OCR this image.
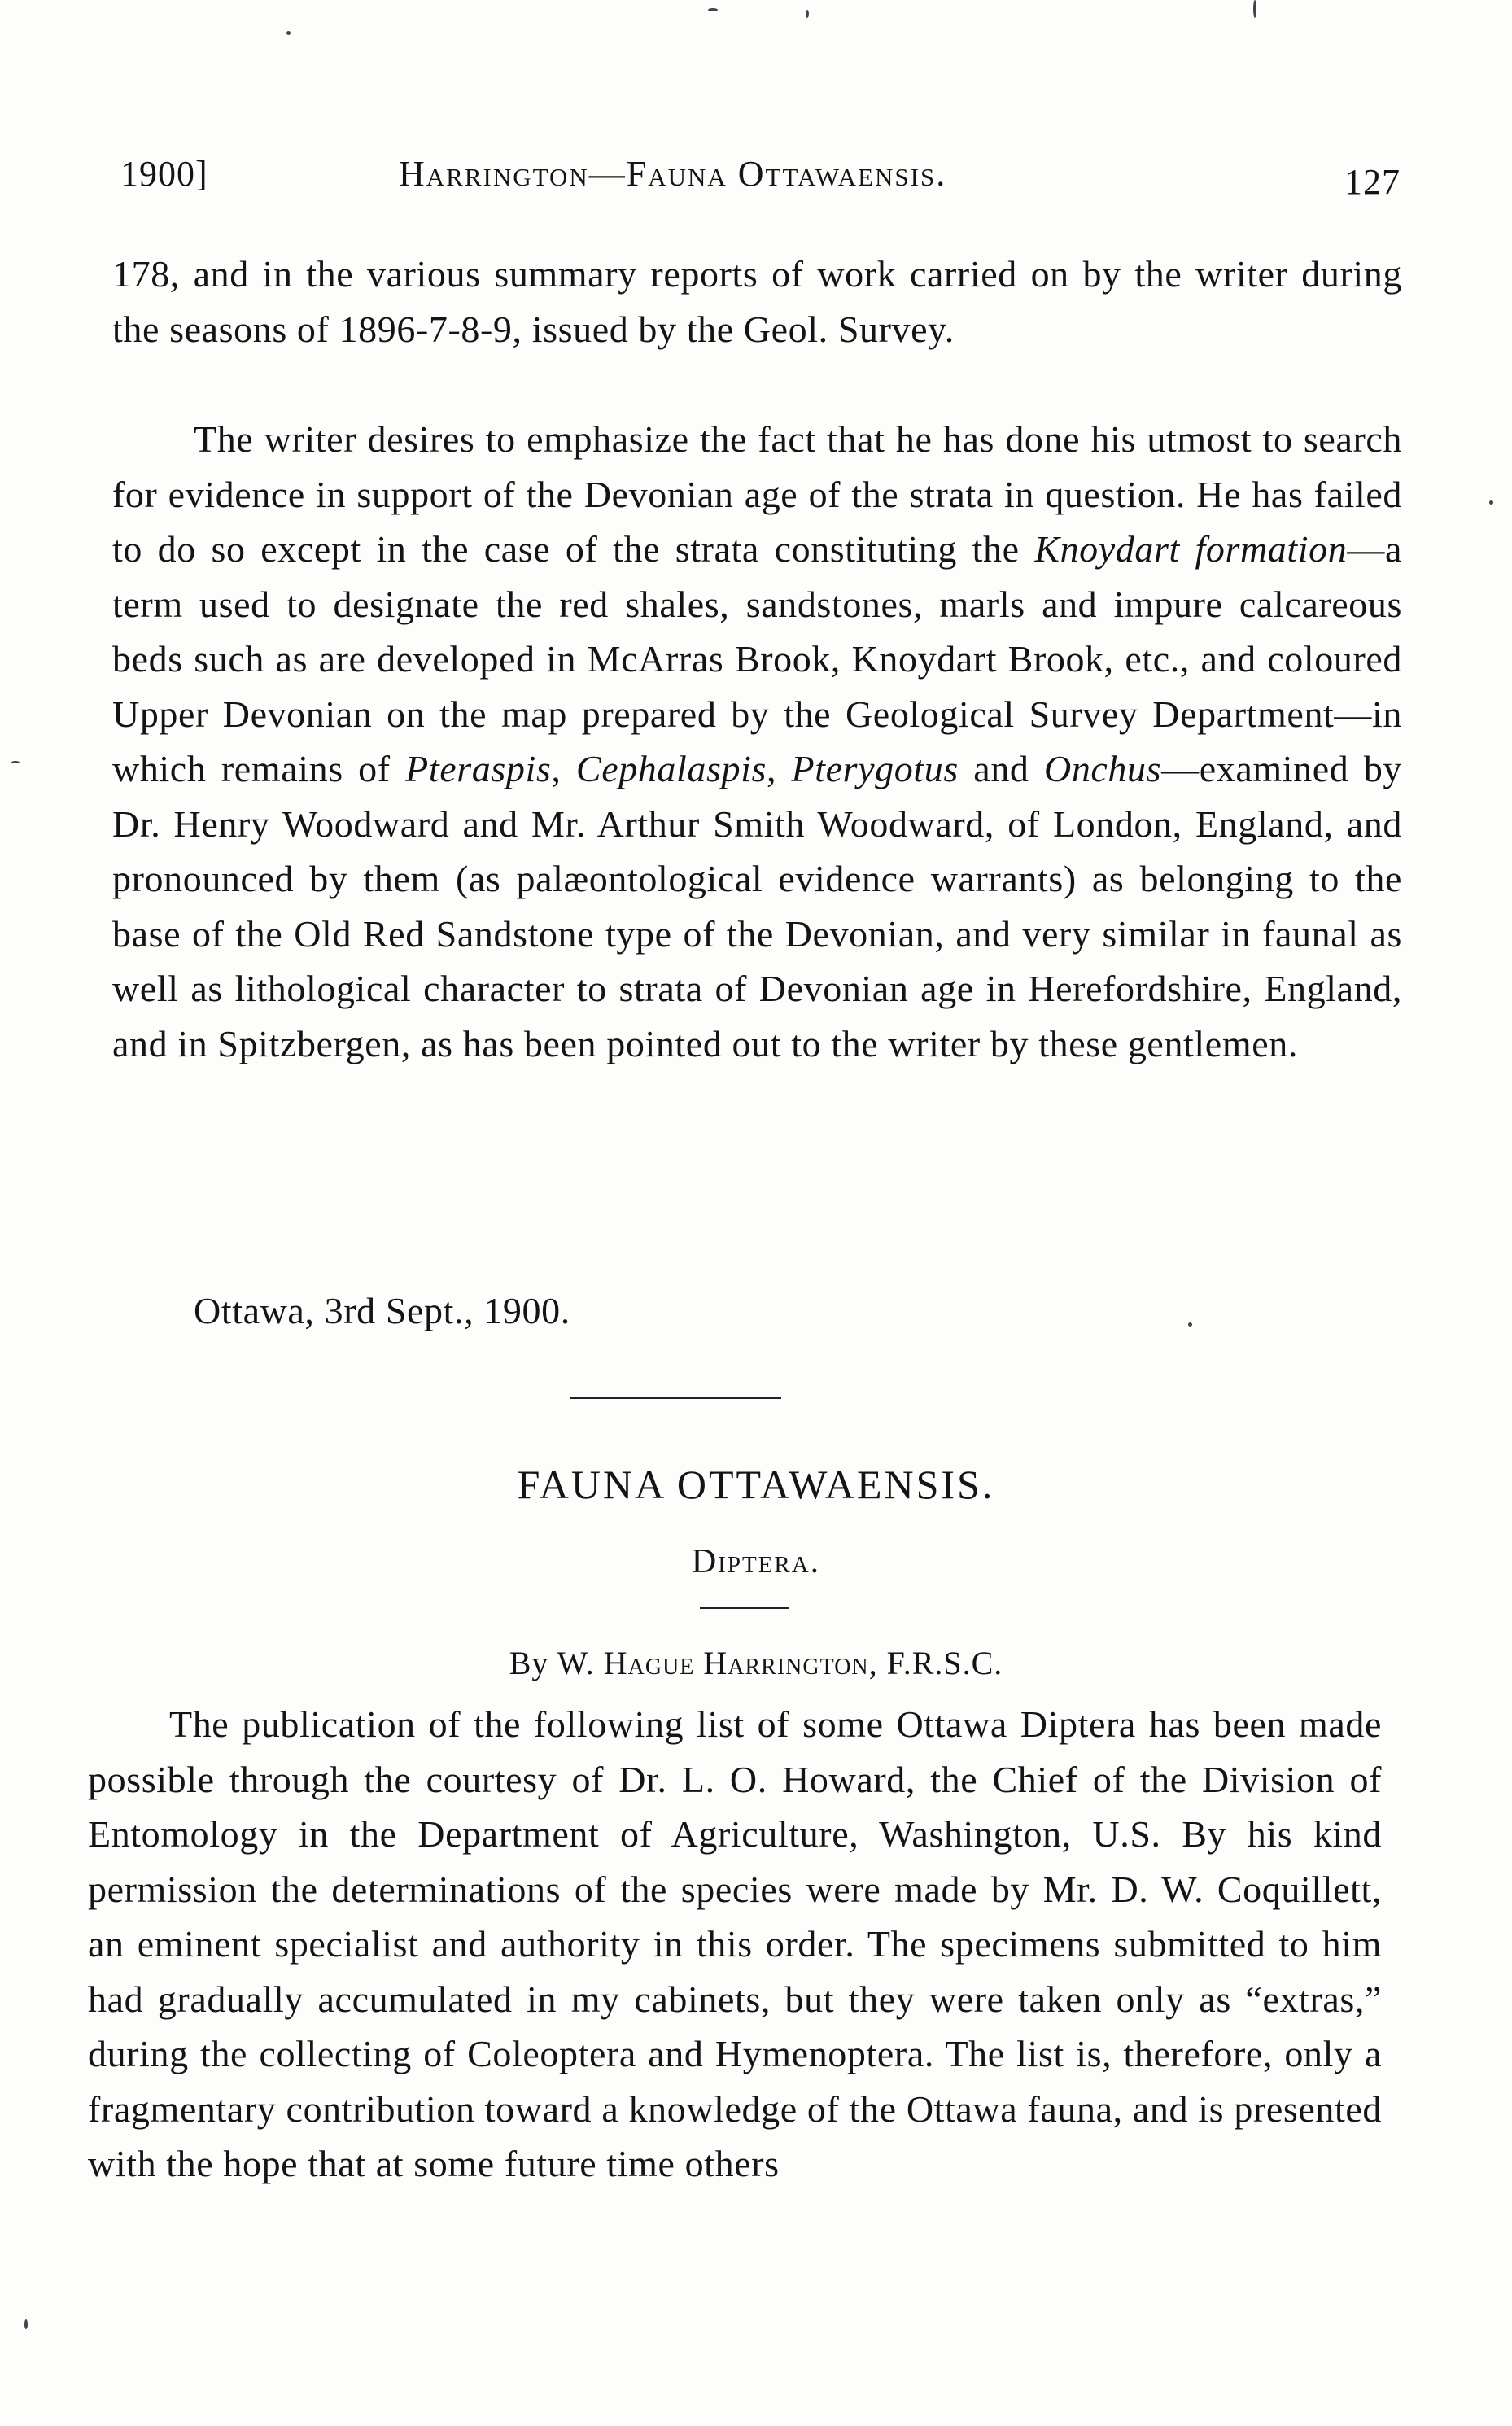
1900]	Harrington—Fauna Ottawaensis.	127

178, and in the various summary reports of work carried on by the writer during the seasons of 1896-7-8-9, issued by the Geol. Survey.

The writer desires to emphasize the fact that he has done his utmost to search for evidence in support of the Devonian age of the strata in question. He has failed to do so except in the case of the strata constituting the Knoydart formation—a term used to designate the red shales, sandstones, marls and impure calcareous beds such as are developed in McArras Brook, Knoydart Brook, etc., and coloured Upper Devonian on the map prepared by the Geological Survey Department—in which remains of Pteraspis, Cephalaspis, Pterygotus and Onchus—examined by Dr. Henry Woodward and Mr. Arthur Smith Woodward, of London, England, and pronounced by them (as palæontological evidence warrants) as belonging to the base of the Old Red Sandstone type of the Devonian, and very similar in faunal as well as lithological character to strata of Devonian age in Herefordshire, England, and in Spitzbergen, as has been pointed out to the writer by these gentlemen.

Ottawa, 3rd Sept., 1900.

FAUNA OTTAWAENSIS.
Diptera.
By W. Hague Harrington, F.R.S.C.

The publication of the following list of some Ottawa Diptera has been made possible through the courtesy of Dr. L. O. Howard, the Chief of the Division of Entomology in the Department of Agriculture, Washington, U.S. By his kind permission the determinations of the species were made by Mr. D. W. Coquillett, an eminent specialist and authority in this order. The specimens submitted to him had gradually accumulated in my cabinets, but they were taken only as “extras,” during the collecting of Coleoptera and Hymenoptera. The list is, therefore, only a fragmentary contribution toward a knowledge of the Ottawa fauna, and is presented with the hope that at some future time others
